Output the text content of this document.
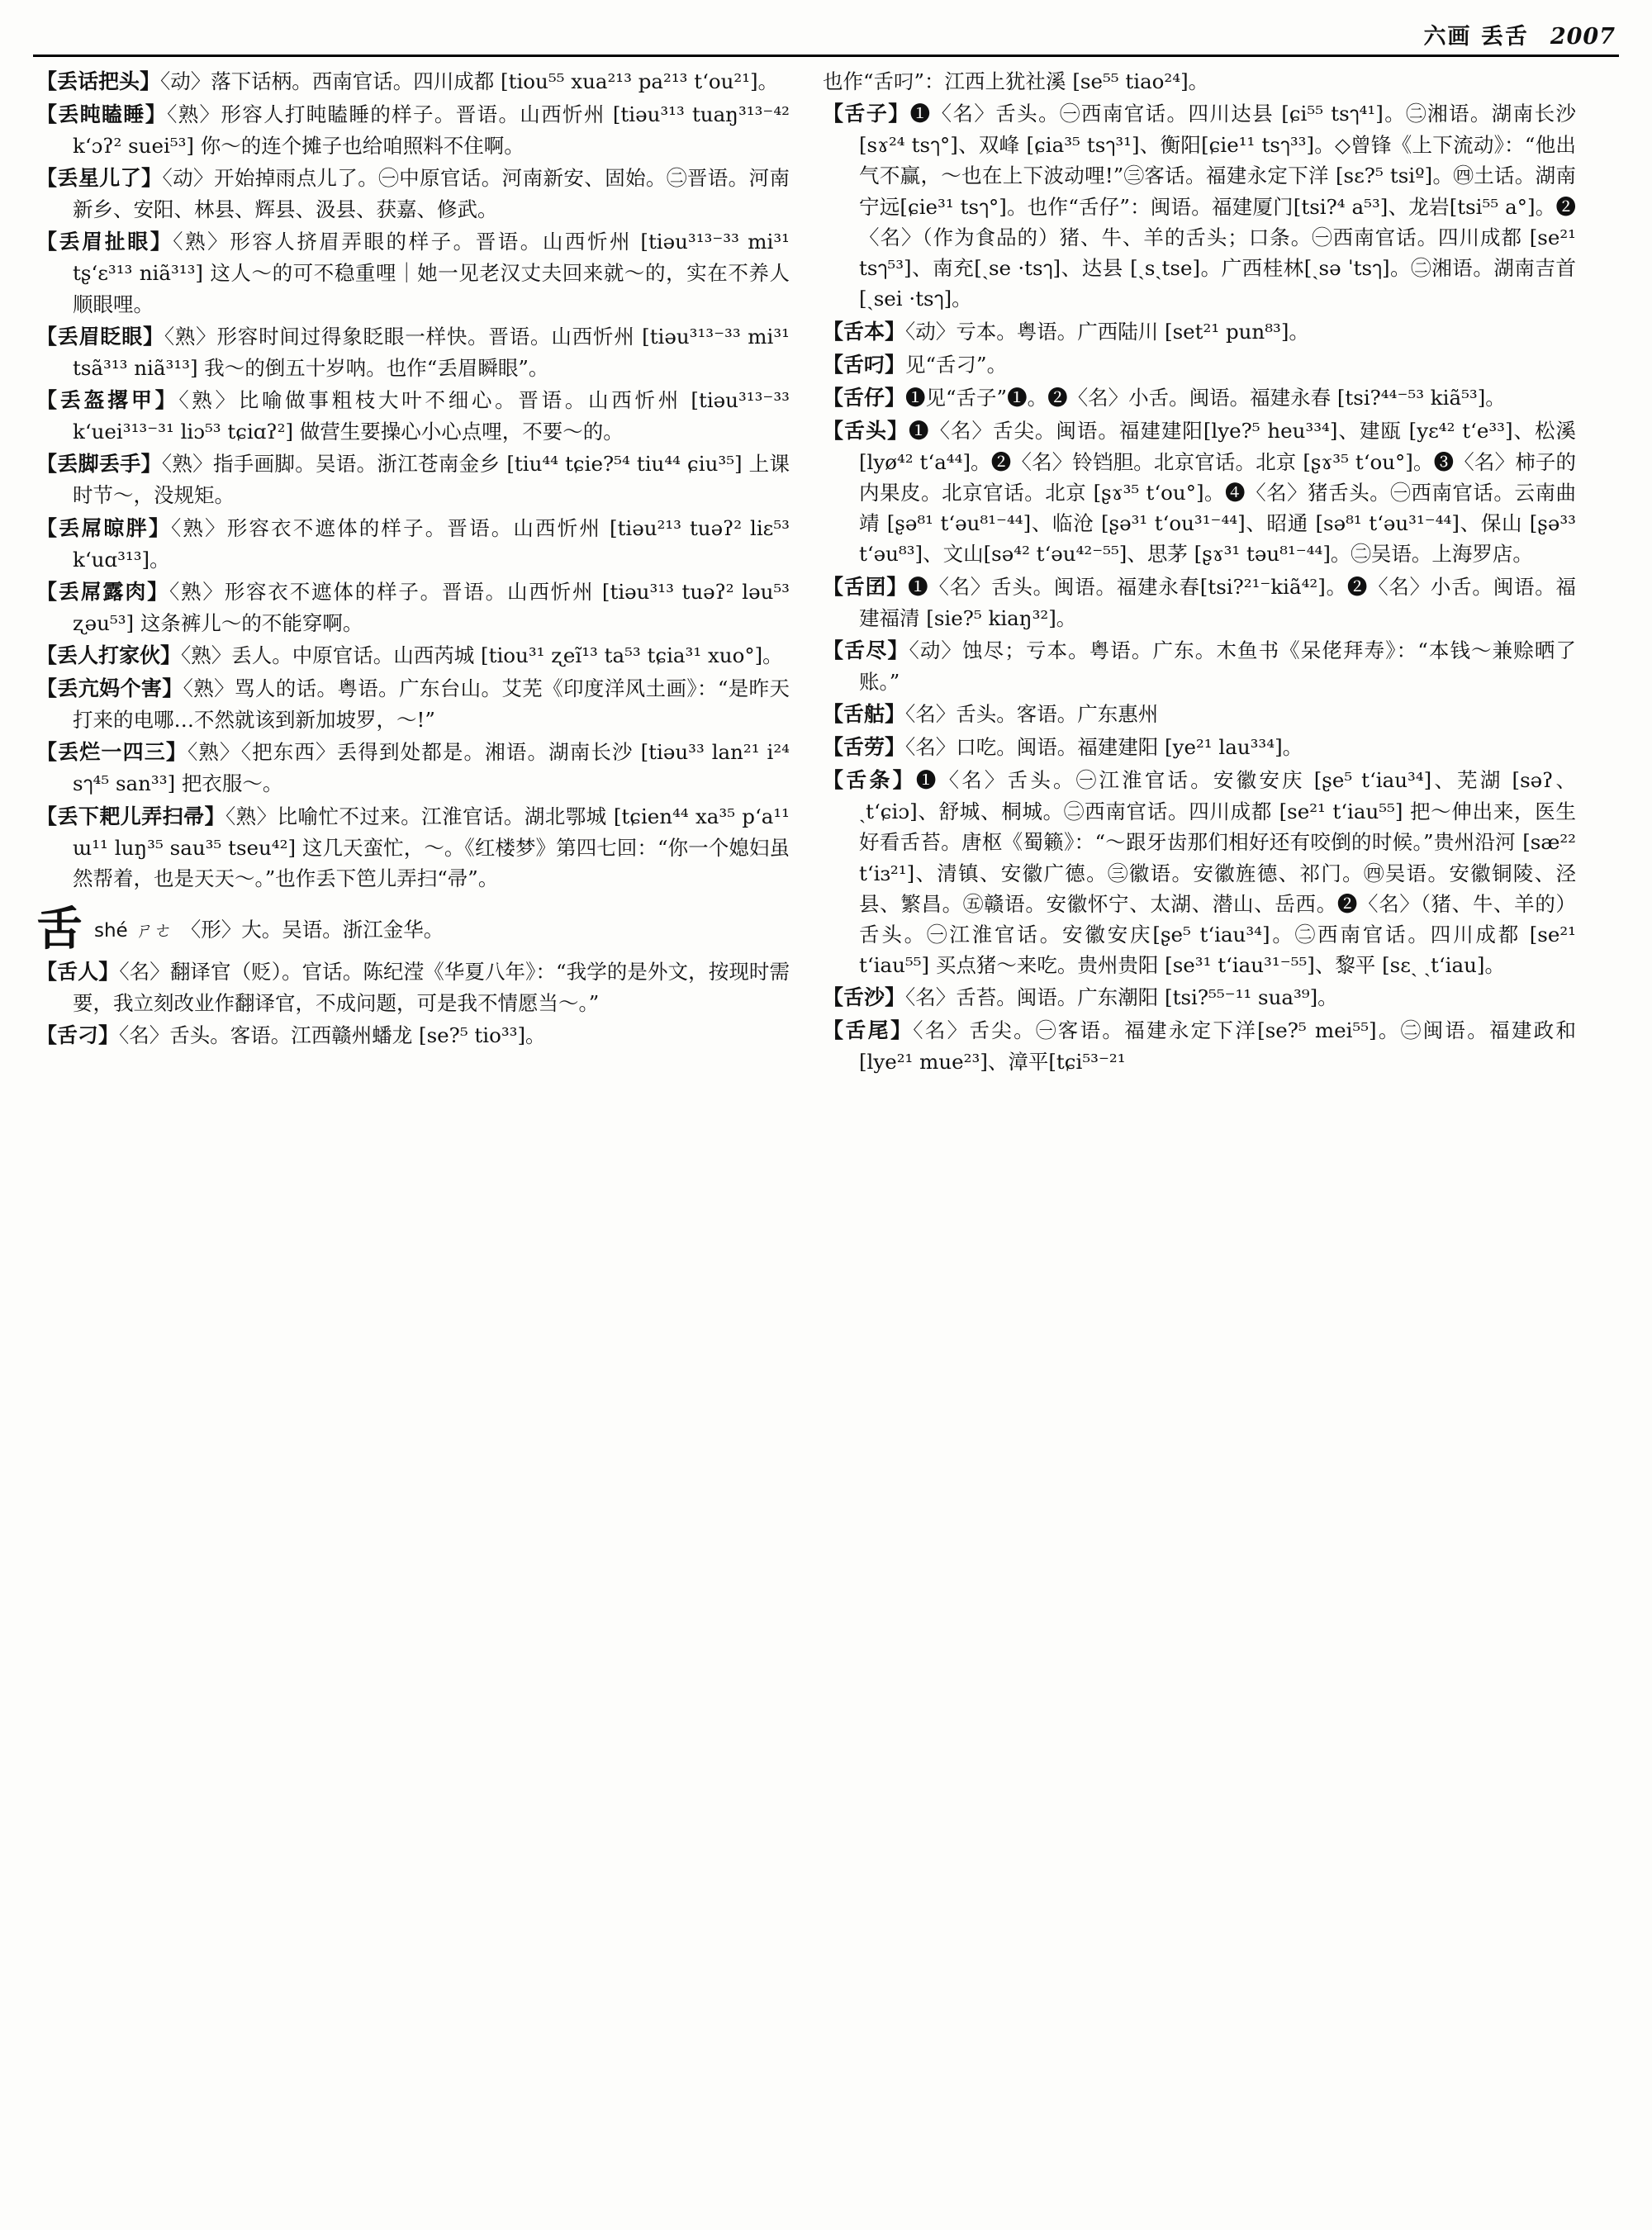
六画 丢舌 2007
【丢话把头】〈动〉落下话柄。西南官话。四川成都 [tiou⁵⁵ xua²¹³ pa²¹³ tʻou²¹]。
【丢盹瞌睡】〈熟〉形容人打盹瞌睡的样子。晋语。山西忻州 [tiəu³¹³ tuaŋ³¹³⁻⁴² kʻɔʔ² suei⁵³] 你～的连个摊子也给咱照料不住啊。
【丢星儿了】〈动〉开始掉雨点儿了。㊀中原官话。河南新安、固始。㊁晋语。河南新乡、安阳、林县、辉县、汲县、获嘉、修武。
【丢眉扯眼】〈熟〉形容人挤眉弄眼的样子。晋语。山西忻州 [tiəu³¹³⁻³³ mi³¹ tʂʻɛ³¹³ niã³¹³] 这人～的可不稳重哩｜她一见老汉丈夫回来就～的，实在不养人顺眼哩。
【丢眉眨眼】〈熟〉形容时间过得象眨眼一样快。晋语。山西忻州 [tiəu³¹³⁻³³ mi³¹ tsã³¹³ niã³¹³] 我～的倒五十岁呐。也作“丢眉瞬眼”。
【丢盔撂甲】〈熟〉比喻做事粗枝大叶不细心。晋语。山西忻州 [tiəu³¹³⁻³³ kʻuei³¹³⁻³¹ liɔ⁵³ tɕiɑʔ²] 做营生要操心小心点哩，不要～的。
【丢脚丢手】〈熟〉指手画脚。吴语。浙江苍南金乡 [tiu⁴⁴ tɕie?⁵⁴ tiu⁴⁴ ɕiu³⁵] 上课时节～，没规矩。
【丢屌晾胖】〈熟〉形容衣不遮体的样子。晋语。山西忻州 [tiəu²¹³ tuəʔ² liɛ⁵³ kʻuɑ³¹³]。
【丢屌露肉】〈熟〉形容衣不遮体的样子。晋语。山西忻州 [tiəu³¹³ tuəʔ² ləu⁵³ ʐəu⁵³] 这条裤儿～的不能穿啊。
【丢人打家伙】〈熟〉丢人。中原官话。山西芮城 [tiou³¹ ʐeĩ¹³ ta⁵³ tɕia³¹ xuo°]。
【丢亢妈个害】〈熟〉骂人的话。粤语。广东台山。艾芜《印度洋风土画》：“是昨天打来的电哪…不然就该到新加坡罗，～!”
【丢烂一四三】〈熟〉〈把东西〉丢得到处都是。湘语。湖南长沙 [tiəu³³ lan²¹ i²⁴ sๅ⁴⁵ san³³] 把衣服～。
【丢下耙儿弄扫帚】〈熟〉比喻忙不过来。江淮官话。湖北鄂城 [tɕien⁴⁴ xa³⁵ pʻa¹¹ ɯ¹¹ luŋ³⁵ sau³⁵ tseu⁴²] 这几天蛮忙，～。《红楼梦》第四七回：“你一个媳妇虽然帮着，也是天天～。”也作丢下笆儿弄扫“帚”。
舌shé ㄕㄜ 〈形〉大。吴语。浙江金华。
【舌人】〈名〉翻译官（贬）。官话。陈纪滢《华夏八年》：“我学的是外文，按现时需要，我立刻改业作翻译官，不成问题，可是我不情愿当～。”
【舌刁】〈名〉舌头。客语。江西赣州蟠龙 [se?⁵ tio³³]。
也作“舌叼”：江西上犹社溪 [se⁵⁵ tiao²⁴]。
【舌子】❶〈名〉舌头。㊀西南官话。四川达县 [ɕi⁵⁵ tsๅ⁴¹]。㊁湘语。湖南长沙 [sɤ²⁴ tsๅ°]、双峰 [ɕia³⁵ tsๅ³¹]、衡阳[ɕie¹¹ tsๅ³³]。◇曾锋《上下流动》：“他出气不赢，～也在上下波动哩!”㊂客话。福建永定下洋 [sɛ?⁵ tsiº]。㊃土话。湖南宁远[ɕie³¹ tsๅ°]。也作“舌仔”：闽语。福建厦门[tsi?⁴ a⁵³]、龙岩[tsi⁵⁵ a°]。❷〈名〉（作为食品的）猪、牛、羊的舌头；口条。㊀西南官话。四川成都 [se²¹ tsๅ⁵³]、南充[ˎse ·tsๅ]、达县 [ˎsˎtse]。广西桂林[ˎsə ˈtsๅ]。㊁湘语。湖南吉首 [ˎsei ·tsๅ]。
【舌本】〈动〉亏本。粤语。广西陆川 [set²¹ pun⁸³]。
【舌叼】见“舌刁”。
【舌仔】❶见“舌子”❶。❷〈名〉小舌。闽语。福建永春 [tsi?⁴⁴⁻⁵³ kiã⁵³]。
【舌头】❶〈名〉舌尖。闽语。福建建阳[lye?⁵ heu³³⁴]、建瓯 [yɛ⁴² tʻe³³]、松溪 [lyø⁴² tʻa⁴⁴]。❷〈名〉铃铛胆。北京官话。北京 [ʂɤ³⁵ tʻou°]。❸〈名〉柿子的内果皮。北京官话。北京 [ʂɤ³⁵ tʻou°]。❹〈名〉猪舌头。㊀西南官话。云南曲靖 [ʂə⁸¹ tʻəu⁸¹⁻⁴⁴]、临沧 [ʂə³¹ tʻou³¹⁻⁴⁴]、昭通 [sə⁸¹ tʻəu³¹⁻⁴⁴]、保山 [ʂə³³ tʻəu⁸³]、文山[sə⁴² tʻəu⁴²⁻⁵⁵]、思茅 [ʂɤ³¹ təu⁸¹⁻⁴⁴]。㊁吴语。上海罗店。
【舌囝】❶〈名〉舌头。闽语。福建永春[tsi?²¹⁻kiã⁴²]。❷〈名〉小舌。闽语。福建福清 [sie?⁵ kiaŋ³²]。
【舌尽】〈动〉蚀尽；亏本。粤语。广东。木鱼书《呆佬拜寿》：“本钱～兼赊晒了账。”
【舌䑩】〈名〉舌头。客语。广东惠州
【舌劳】〈名〉口吃。闽语。福建建阳 [ye²¹ lau³³⁴]。
【舌条】❶〈名〉舌头。㊀江淮官话。安徽安庆 [ʂe⁵ tʻiau³⁴]、芜湖 [səʔ、ˎtʻɕiɔ]、舒城、桐城。㊁西南官话。四川成都 [se²¹ tʻiau⁵⁵] 把～伸出来，医生好看舌苔。唐枢《蜀籁》：“～跟牙齿那们相好还有咬倒的时候。”贵州沿河 [sæ²² tʻiɜ²¹]、清镇、安徽广德。㊂徽语。安徽旌德、祁门。㊃吴语。安徽铜陵、泾县、繁昌。㊄赣语。安徽怀宁、太湖、潜山、岳西。❷〈名〉（猪、牛、羊的）舌头。㊀江淮官话。安徽安庆[ʂe⁵ tʻiau³⁴]。㊁西南官话。四川成都 [se²¹ tʻiau⁵⁵] 买点猪～来吃。贵州贵阳 [se³¹ tʻiau³¹⁻⁵⁵]、黎平 [sɛˎ ˎtʻiau]。
【舌沙】〈名〉舌苔。闽语。广东潮阳 [tsi?⁵⁵⁻¹¹ sua³⁹]。
【舌尾】〈名〉舌尖。㊀客语。福建永定下洋[se?⁵ mei⁵⁵]。㊁闽语。福建政和 [lye²¹ mue²³]、漳平[tɕi⁵³⁻²¹
